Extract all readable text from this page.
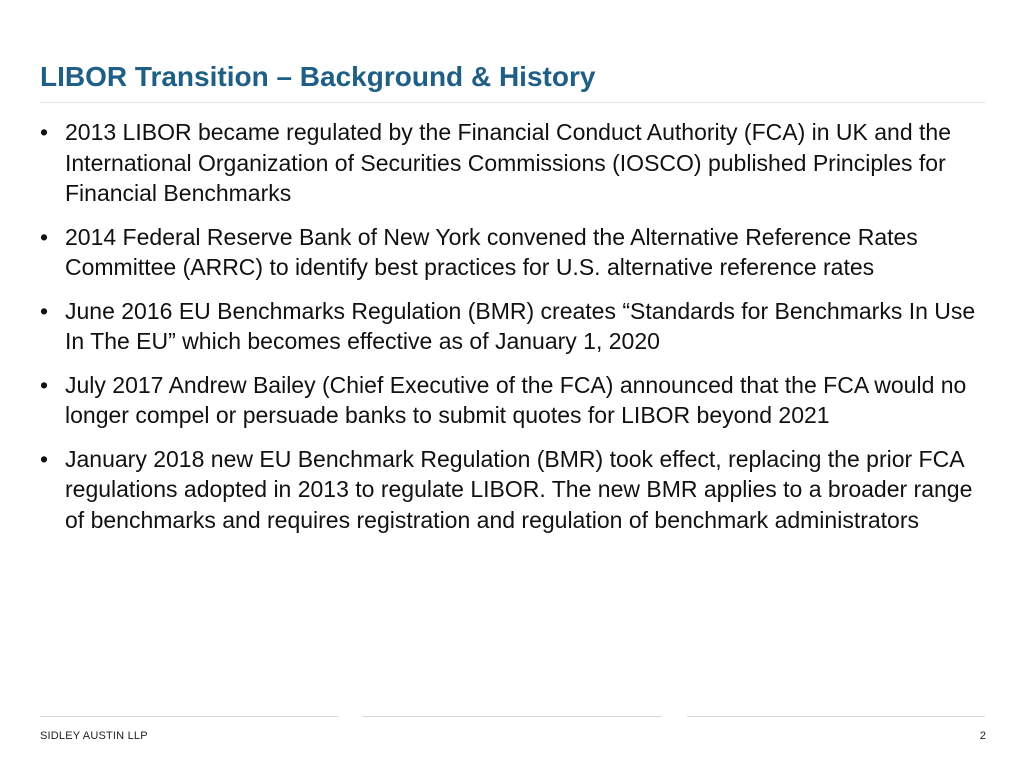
LIBOR Transition – Background & History
• 2013 LIBOR became regulated by the Financial Conduct Authority (FCA) in UK and the International Organization of Securities Commissions (IOSCO) published Principles for Financial Benchmarks
• 2014 Federal Reserve Bank of New York convened the Alternative Reference Rates Committee (ARRC) to identify best practices for U.S. alternative reference rates
• June 2016 EU Benchmarks Regulation (BMR) creates “Standards for Benchmarks In Use In The EU” which becomes effective as of January 1, 2020
• July 2017 Andrew Bailey (Chief Executive of the FCA) announced that the FCA would no longer compel or persuade banks to submit quotes for LIBOR beyond 2021
• January 2018 new EU Benchmark Regulation (BMR) took effect, replacing the prior FCA regulations adopted in 2013 to regulate LIBOR. The new BMR applies to a broader range of benchmarks and requires registration and regulation of benchmark administrators
SIDLEY AUSTIN LLP	2
